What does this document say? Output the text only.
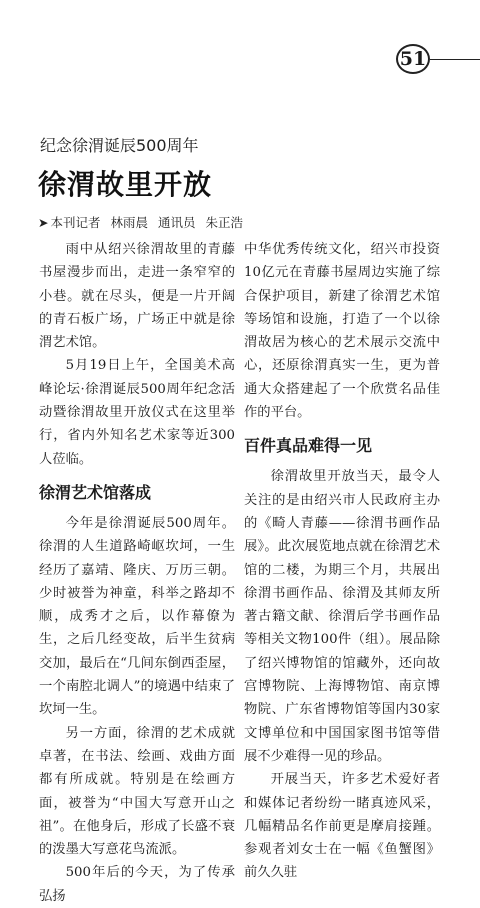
51
纪念徐渭诞辰500周年
徐渭故里开放
➤ 本刊记者 林雨晨 通讯员 朱正浩

雨中从绍兴徐渭故里的青藤书屋漫步而出，走进一条窄窄的小巷。就在尽头，便是一片开阔的青石板广场，广场正中就是徐渭艺术馆。

5月19日上午，全国美术高峰论坛·徐渭诞辰500周年纪念活动暨徐渭故里开放仪式在这里举行，省内外知名艺术家等近300人莅临。

徐渭艺术馆落成

今年是徐渭诞辰500周年。徐渭的人生道路崎岖坎坷，一生经历了嘉靖、隆庆、万历三朝。少时被誉为神童，科举之路却不顺，成秀才之后，以作幕僚为生，之后几经变故，后半生贫病交加，最后在“几间东倒西歪屋，一个南腔北调人”的境遇中结束了坎坷一生。

另一方面，徐渭的艺术成就卓著，在书法、绘画、戏曲方面都有所成就。特别是在绘画方面，被誉为“中国大写意开山之祖”。在他身后，形成了长盛不衰的泼墨大写意花鸟流派。

500年后的今天，为了传承弘扬

中华优秀传统文化，绍兴市投资10亿元在青藤书屋周边实施了综合保护项目，新建了徐渭艺术馆等场馆和设施，打造了一个以徐渭故居为核心的艺术展示交流中心，还原徐渭真实一生，更为普通大众搭建起了一个欣赏名品佳作的平台。

百件真品难得一见

徐渭故里开放当天，最令人关注的是由绍兴市人民政府主办的《畸人青藤——徐渭书画作品展》。此次展览地点就在徐渭艺术馆的二楼，为期三个月，共展出徐渭书画作品、徐渭及其师友所著古籍文献、徐渭后学书画作品等相关文物100件（组）。展品除了绍兴博物馆的馆藏外，还向故宫博物院、上海博物馆、南京博物院、广东省博物馆等国内30家文博单位和中国国家图书馆等借展不少难得一见的珍品。

开展当天，许多艺术爱好者和媒体记者纷纷一睹真迹风采，几幅精品名作前更是摩肩接踵。参观者刘女士在一幅《鱼蟹图》前久久驻
